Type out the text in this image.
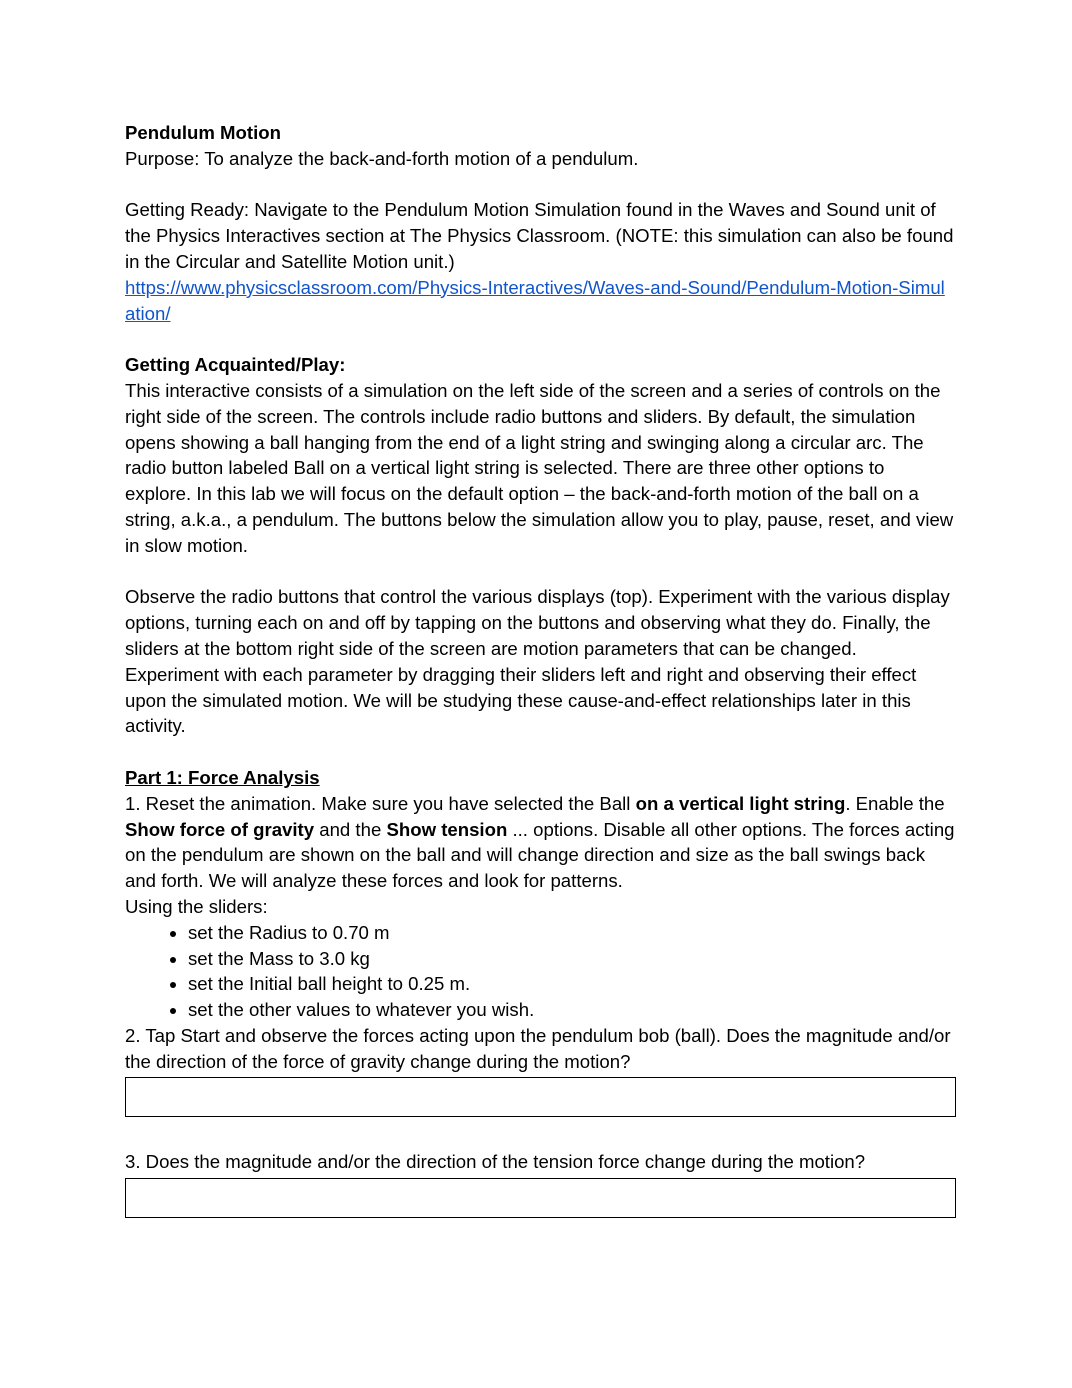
Pendulum Motion

Purpose: To analyze the back-and-forth motion of a pendulum.

Getting Ready: Navigate to the Pendulum Motion Simulation found in the Waves and Sound unit of the Physics Interactives section at The Physics Classroom. (NOTE: this simulation can also be found in the Circular and Satellite Motion unit.)
https://www.physicsclassroom.com/Physics-Interactives/Waves-and-Sound/Pendulum-Motion-Simulation/

Getting Acquainted/Play:

This interactive consists of a simulation on the left side of the screen and a series of controls on the right side of the screen. The controls include radio buttons and sliders. By default, the simulation opens showing a ball hanging from the end of a light string and swinging along a circular arc. The radio button labeled Ball on a vertical light string is selected. There are three other options to explore. In this lab we will focus on the default option – the back-and-forth motion of the ball on a string, a.k.a., a pendulum. The buttons below the simulation allow you to play, pause, reset, and view in slow motion.

Observe the radio buttons that control the various displays (top). Experiment with the various display options, turning each on and off by tapping on the buttons and observing what they do. Finally, the sliders at the bottom right side of the screen are motion parameters that can be changed. Experiment with each parameter by dragging their sliders left and right and observing their effect upon the simulated motion. We will be studying these cause-and-effect relationships later in this activity.

Part 1: Force Analysis

1. Reset the animation. Make sure you have selected the Ball on a vertical light string. Enable the
Show force of gravity and the Show tension ... options. Disable all other options. The forces acting on the pendulum are shown on the ball and will change direction and size as the ball swings back and forth. We will analyze these forces and look for patterns.

Using the sliders:

• set the Radius to 0.70 m
• set the Mass to 3.0 kg
• set the Initial ball height to 0.25 m.
• set the other values to whatever you wish.

2. Tap Start and observe the forces acting upon the pendulum bob (ball). Does the magnitude and/or the direction of the force of gravity change during the motion?

3. Does the magnitude and/or the direction of the tension force change during the motion?
